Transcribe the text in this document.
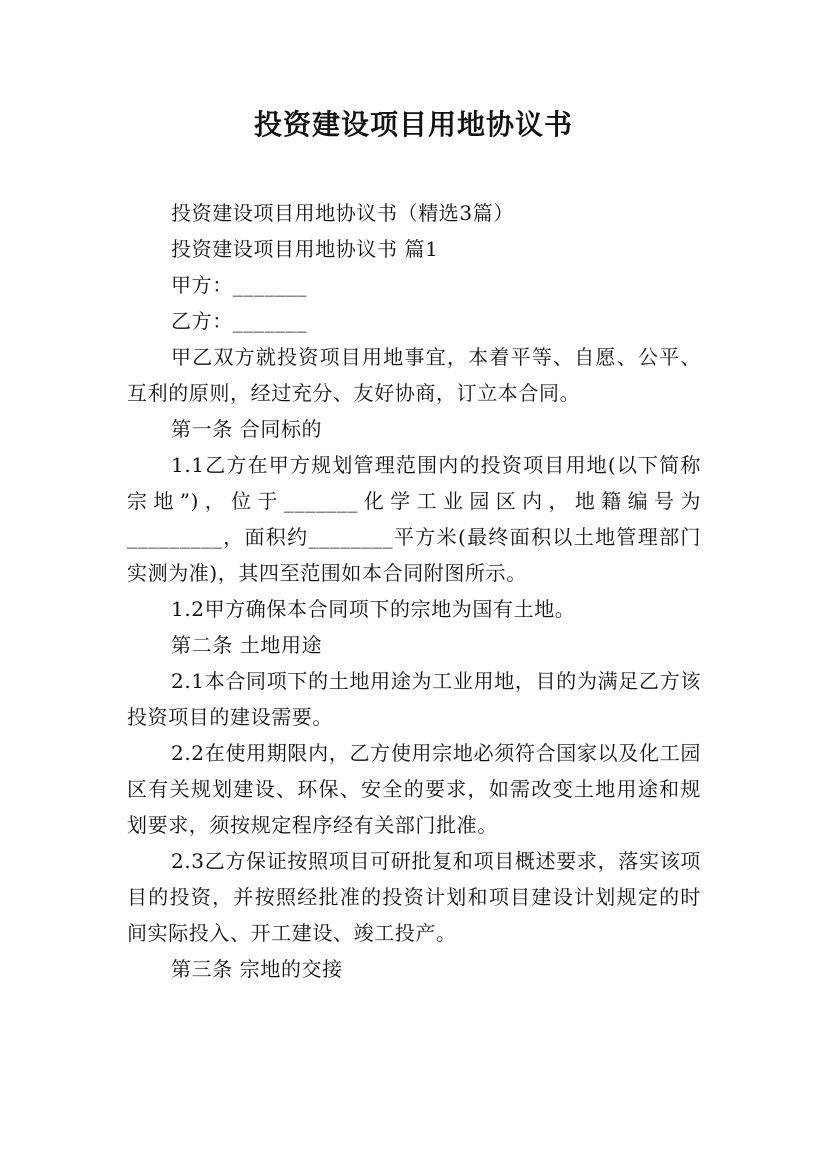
投资建设项目用地协议书

投资建设项目用地协议书（精选3篇）

投资建设项目用地协议书 篇1

甲方：_______

乙方：_______

甲乙双方就投资项目用地事宜，本着平等、自愿、公平、互利的原则，经过充分、友好协商，订立本合同。

第一条 合同标的

1.1乙方在甲方规划管理范围内的投资项目用地(以下简称宗地”)，位于_______化学工业园区内，地籍编号为_________，面积约________平方米(最终面积以土地管理部门实测为准)，其四至范围如本合同附图所示。

1.2甲方确保本合同项下的宗地为国有土地。

第二条 土地用途

2.1本合同项下的土地用途为工业用地，目的为满足乙方该投资项目的建设需要。

2.2在使用期限内，乙方使用宗地必须符合国家以及化工园区有关规划建设、环保、安全的要求，如需改变土地用途和规划要求，须按规定程序经有关部门批准。

2.3乙方保证按照项目可研批复和项目概述要求，落实该项目的投资，并按照经批准的投资计划和项目建设计划规定的时间实际投入、开工建设、竣工投产。

第三条 宗地的交接
